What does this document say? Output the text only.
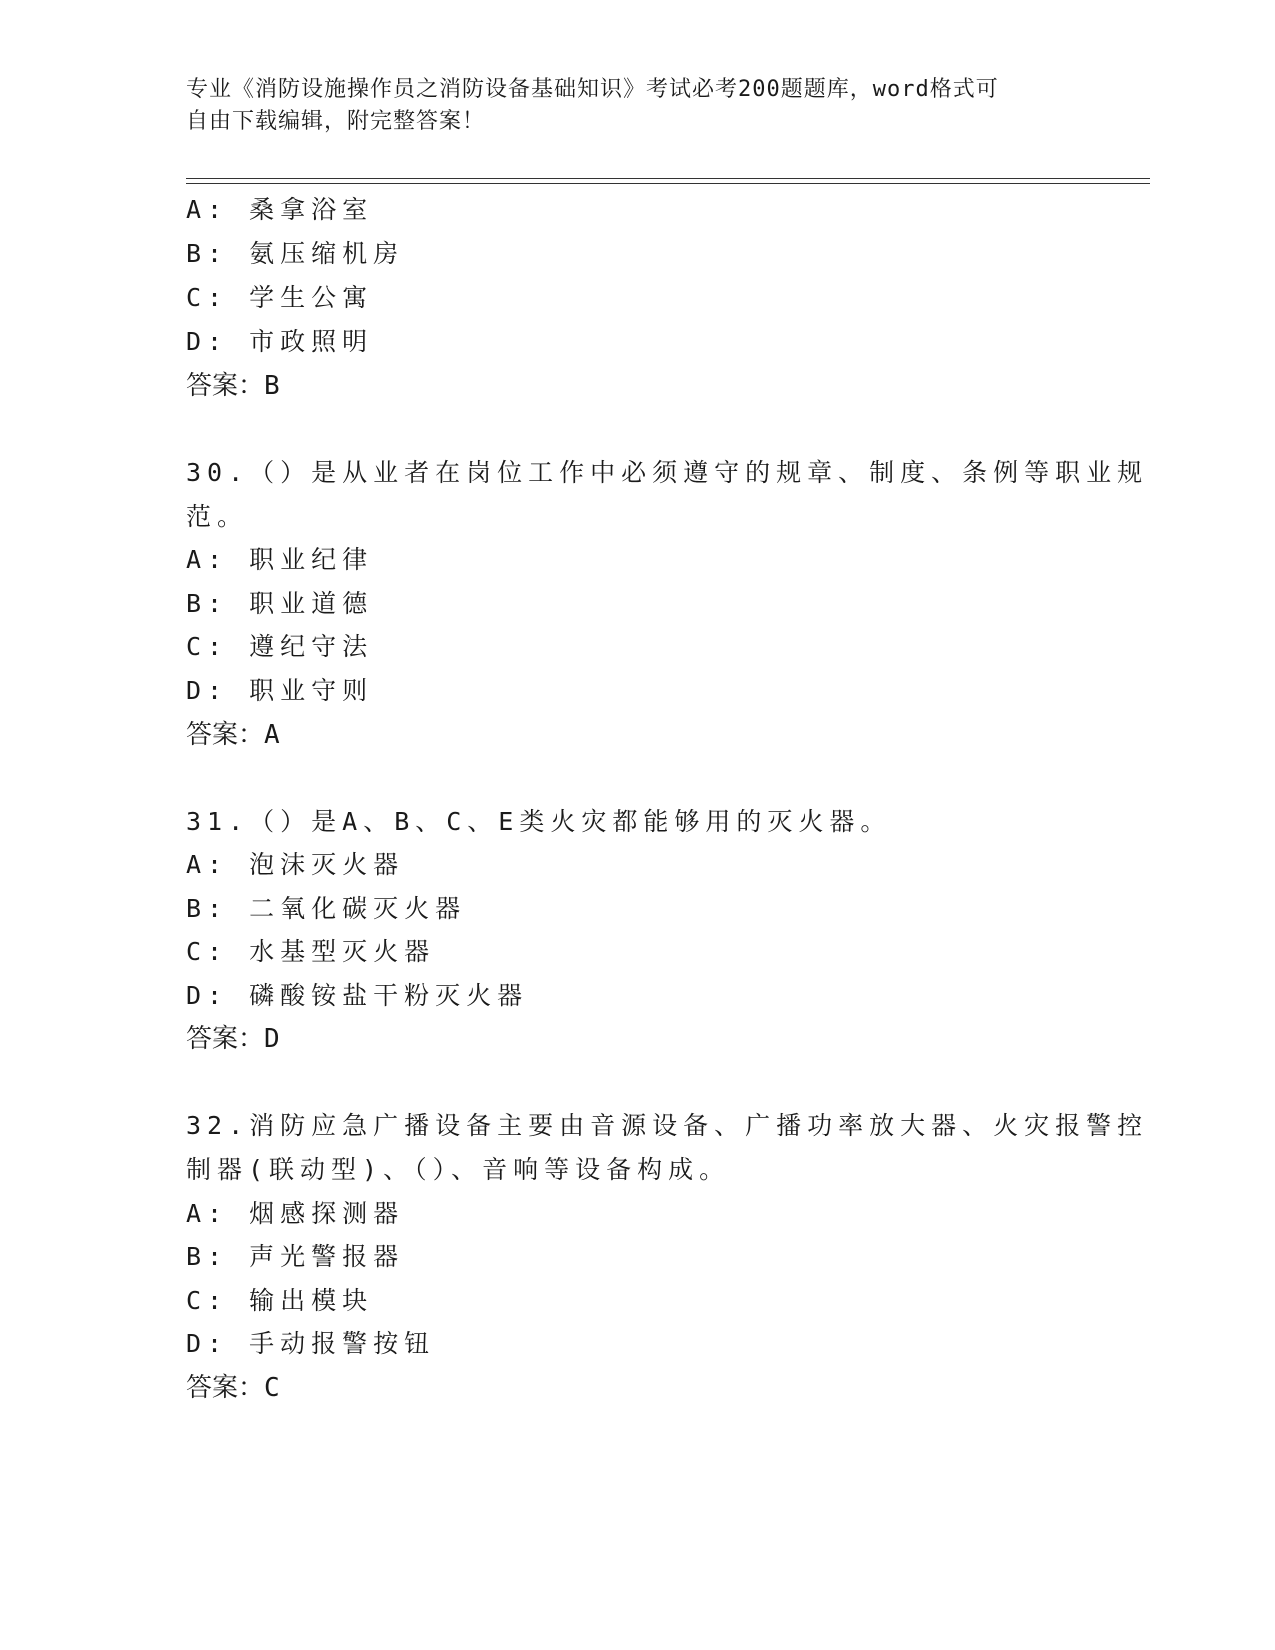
专业《消防设施操作员之消防设备基础知识》考试必考200题题库，word格式可
自由下载编辑，附完整答案！
A: 桑拿浴室
B: 氨压缩机房
C: 学生公寓
D: 市政照明
答案：B
30.（）是从业者在岗位工作中必须遵守的规章、制度、条例等职业规
范。
A: 职业纪律
B: 职业道德
C: 遵纪守法
D: 职业守则
答案：A
31.（）是A、B、C、E类火灾都能够用的灭火器。
A: 泡沫灭火器
B: 二氧化碳灭火器
C: 水基型灭火器
D: 磷酸铵盐干粉灭火器
答案：D
32.消防应急广播设备主要由音源设备、广播功率放大器、火灾报警控
制器(联动型)、（）、音响等设备构成。
A: 烟感探测器
B: 声光警报器
C: 输出模块
D: 手动报警按钮
答案：C
